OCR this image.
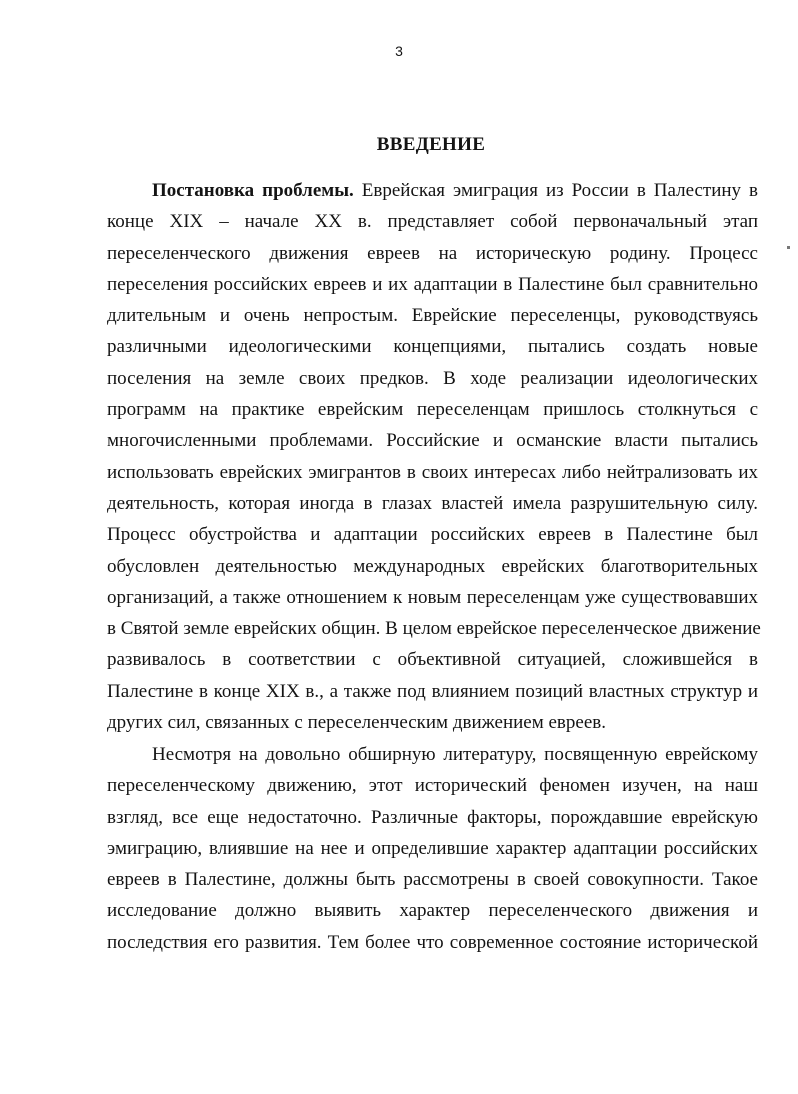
3
ВВЕДЕНИЕ
Постановка проблемы. Еврейская эмиграция из России в Палестину в
конце XIX – начале XX в. представляет собой первоначальный этап
переселенческого движения евреев на историческую родину. Процесс
переселения российских евреев и их адаптации в Палестине был сравнительно
длительным и очень непростым. Еврейские переселенцы, руководствуясь
различными идеологическими концепциями, пытались создать новые
поселения на земле своих предков. В ходе реализации идеологических
программ на практике еврейским переселенцам пришлось столкнуться с
многочисленными проблемами. Российские и османские власти пытались
использовать еврейских эмигрантов в своих интересах либо нейтрализовать их
деятельность, которая иногда в глазах властей имела разрушительную силу.
Процесс обустройства и адаптации российских евреев в Палестине был
обусловлен деятельностью международных еврейских благотворительных
организаций, а также отношением к новым переселенцам уже существовавших
в Святой земле еврейских общин. В целом еврейское переселенческое движение
развивалось в соответствии с объективной ситуацией, сложившейся в
Палестине в конце XIX в., а также под влиянием позиций властных структур и
других сил, связанных с переселенческим движением евреев.
Несмотря на довольно обширную литературу, посвященную еврейскому
переселенческому движению, этот исторический феномен изучен, на наш
взгляд, все еще недостаточно. Различные факторы, порождавшие еврейскую
эмиграцию, влиявшие на нее и определившие характер адаптации российских
евреев в Палестине, должны быть рассмотрены в своей совокупности. Такое
исследование должно выявить характер переселенческого движения и
последствия его развития. Тем более что современное состояние исторической
